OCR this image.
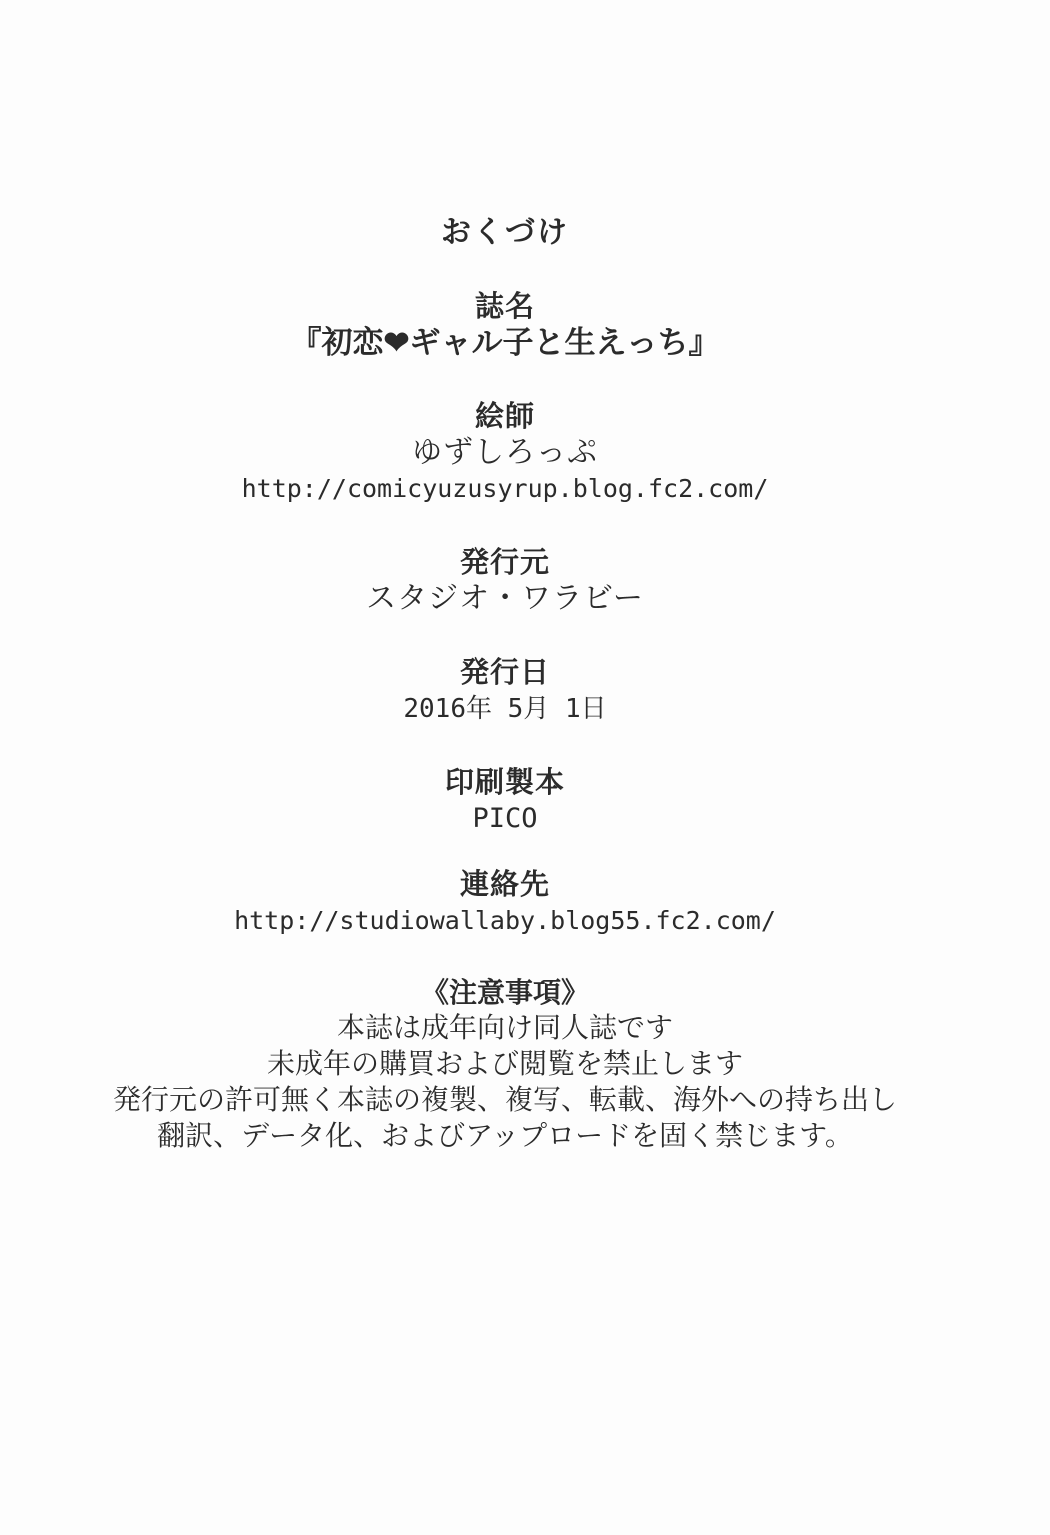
おくづけ
誌名
『初恋❤ギャル子と生えっち』
絵師
ゆずしろっぷ
http://comicyuzusyrup.blog.fc2.com/
発行元
スタジオ・ワラビー
発行日
2016年 5月 1日
印刷製本
PICO
連絡先
http://studiowallaby.blog55.fc2.com/
《注意事項》
本誌は成年向け同人誌です
未成年の購買および閲覧を禁止します
発行元の許可無く本誌の複製、複写、転載、海外への持ち出し
翻訳、データ化、およびアップロードを固く禁じます。
